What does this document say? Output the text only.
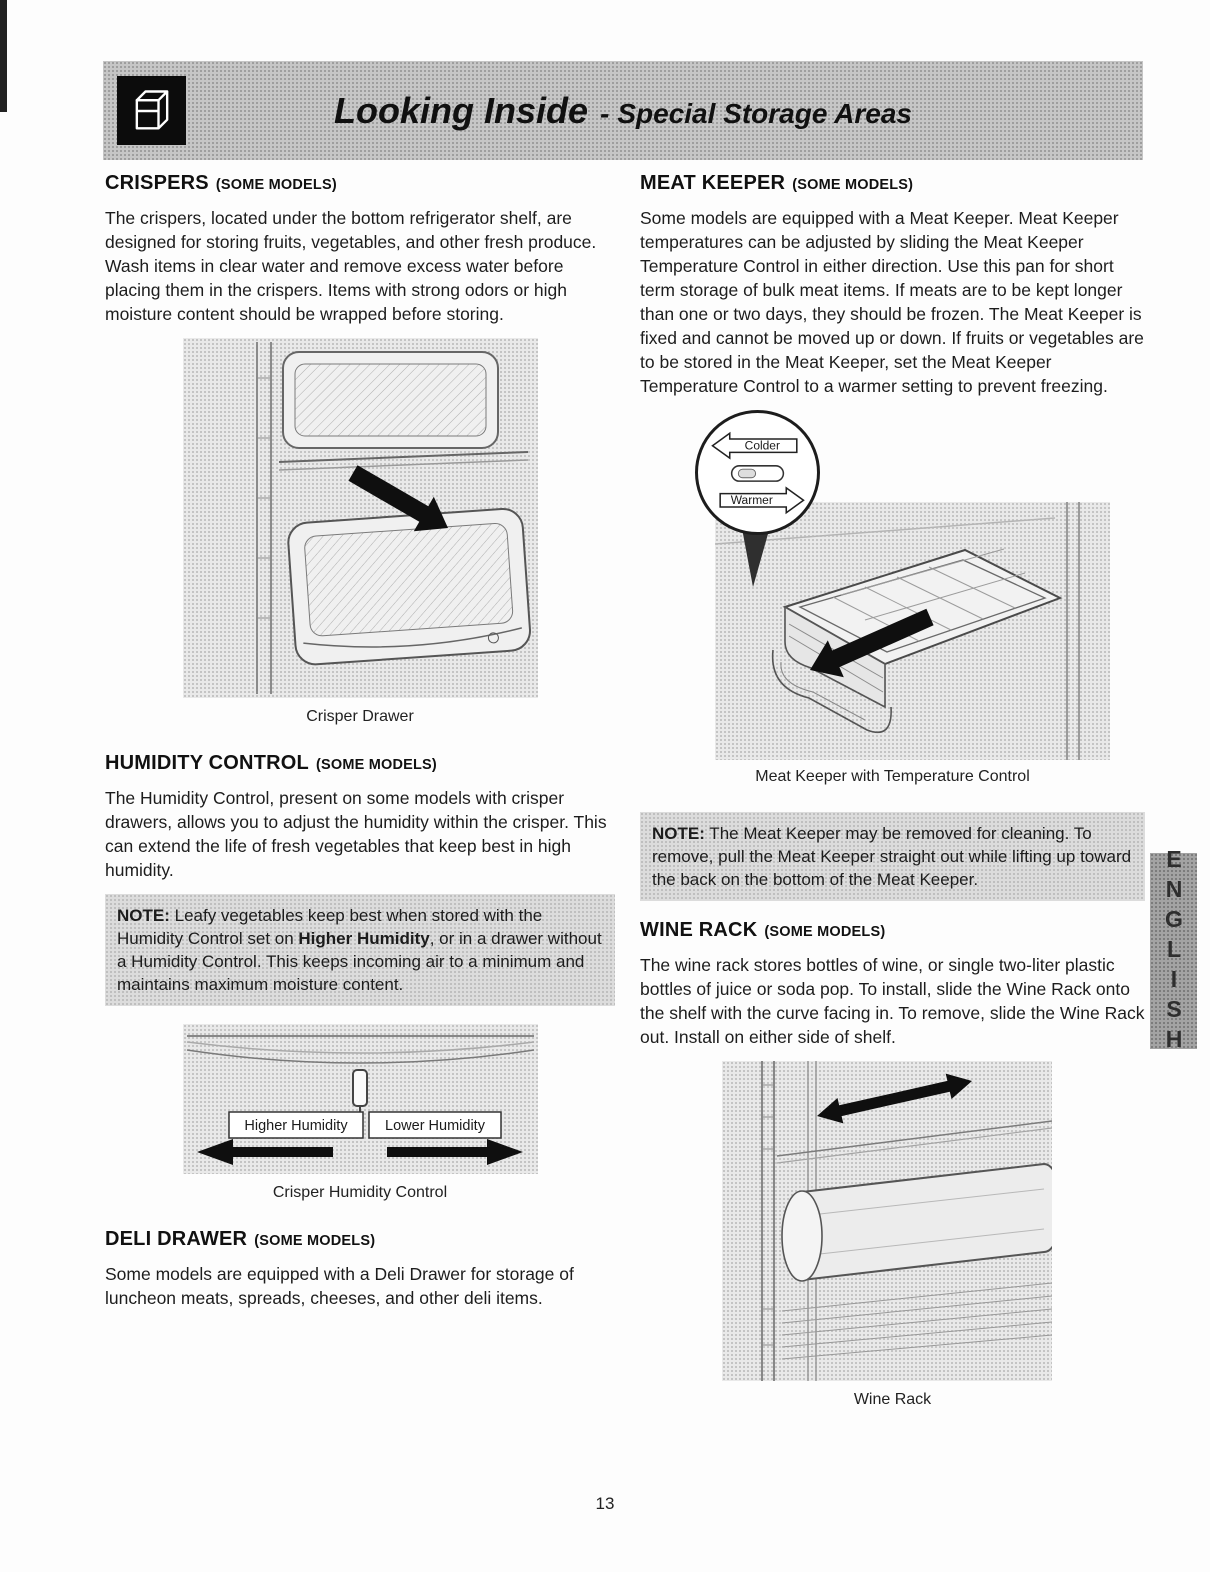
Looking Inside - Special Storage Areas
CRISPERS (SOME MODELS)

The crispers, located under the bottom refrigerator shelf, are designed for storing fruits, vegetables, and other fresh produce. Wash items in clear water and remove excess water before placing them in the crispers. Items with strong odors or high moisture content should be wrapped before storing.

Crisper Drawer
HUMIDITY CONTROL (SOME MODELS)

The Humidity Control, present on some models with crisper drawers, allows you to adjust the humidity within the crisper. This can extend the life of fresh vegetables that keep best in high humidity.

NOTE: Leafy vegetables keep best when stored with the Humidity Control set on Higher Humidity, or in a drawer without a Humidity Control. This keeps incoming air to a minimum and maintains maximum moisture content.
Higher Humidity	Lower Humidity
Crisper Humidity Control
DELI DRAWER (SOME MODELS)

Some models are equipped with a Deli Drawer for storage of luncheon meats, spreads, cheeses, and other deli items.

MEAT KEEPER (SOME MODELS)

Some models are equipped with a Meat Keeper. Meat Keeper temperatures can be adjusted by sliding the Meat Keeper Temperature Control in either direction. Use this pan for short term storage of bulk meat items. If meats are to be kept longer than one or two days, they should be frozen. The Meat Keeper is fixed and cannot be moved up or down. If fruits or vegetables are to be stored in the Meat Keeper, set the Meat Keeper Temperature Control to a warmer setting to prevent freezing.

Colder
Warmer
Meat Keeper with Temperature Control
NOTE: The Meat Keeper may be removed for cleaning. To remove, pull the Meat Keeper straight out while lifting up toward the back on the bottom of the Meat Keeper.
WINE RACK (SOME MODELS)

The wine rack stores bottles of wine, or single two-liter plastic bottles of juice or soda pop. To install, slide the Wine Rack onto the shelf with the curve facing in. To remove, slide the Wine Rack out. Install on either side of shelf.

Wine Rack
ENGLISH
13
